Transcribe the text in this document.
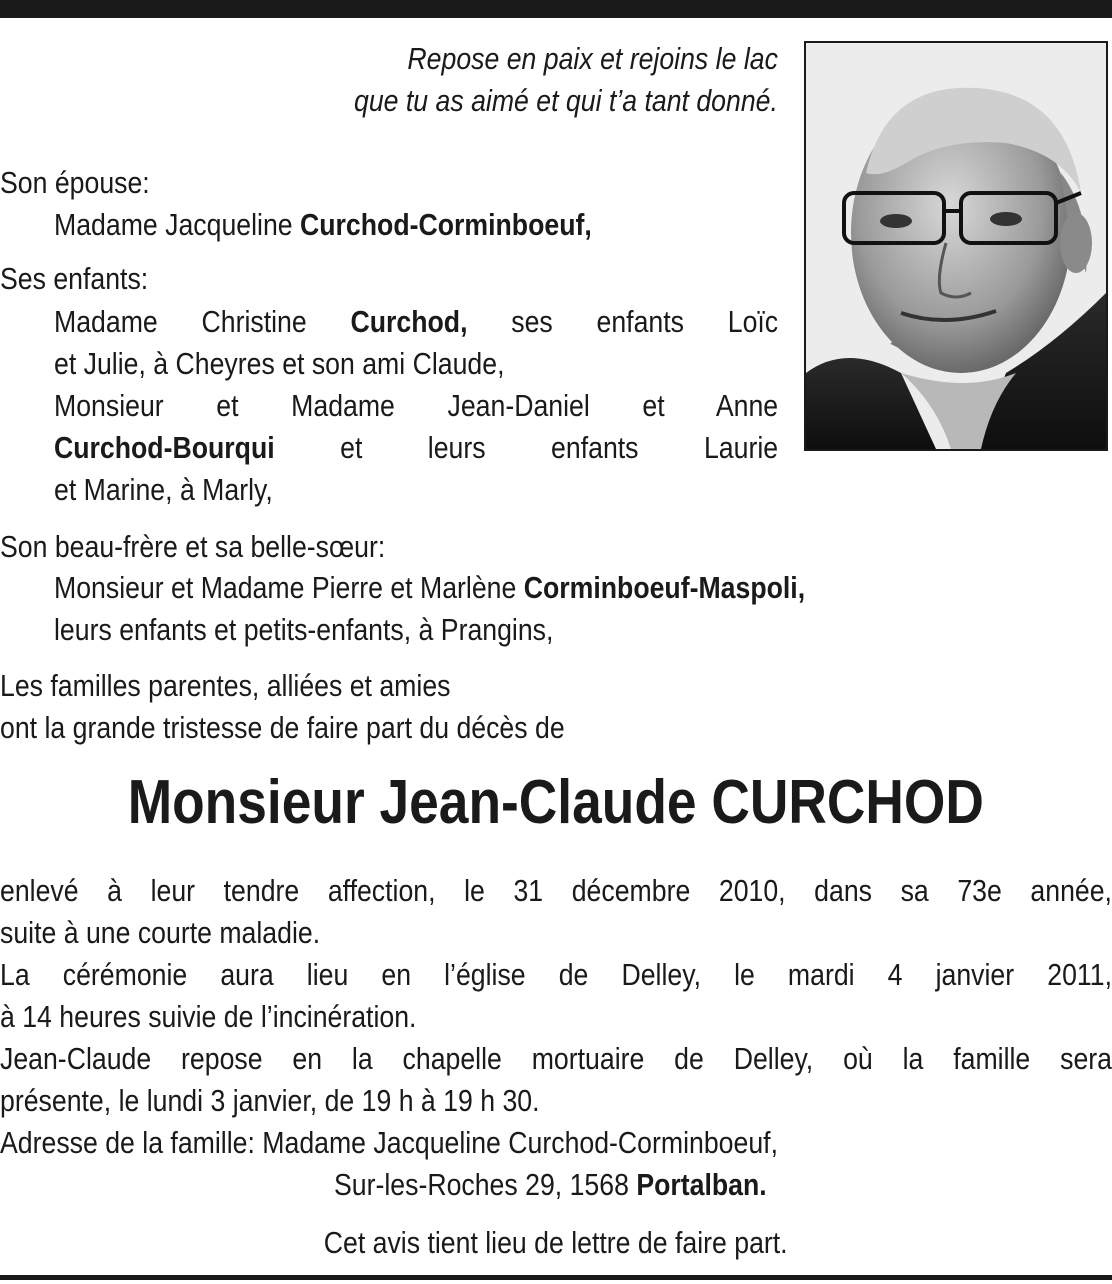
Repose en paix et rejoins le lac
que tu as aimé et qui t’a tant donné.
Son épouse:
Madame Jacqueline Curchod-Corminboeuf,
Ses enfants:
Madame Christine Curchod, ses enfants Loïc
et Julie, à Cheyres et son ami Claude,
Monsieur et Madame Jean-Daniel et Anne
Curchod-Bourqui et leurs enfants Laurie
et Marine, à Marly,
Son beau-frère et sa belle-sœur:
Monsieur et Madame Pierre et Marlène Corminboeuf-Maspoli,
leurs enfants et petits-enfants, à Prangins,
Les familles parentes, alliées et amies
ont la grande tristesse de faire part du décès de
Monsieur Jean-Claude CURCHOD
enlevé à leur tendre affection, le 31 décembre 2010, dans sa 73e année,
suite à une courte maladie.
La cérémonie aura lieu en l’église de Delley, le mardi 4 janvier 2011,
à 14 heures suivie de l’incinération.
Jean-Claude repose en la chapelle mortuaire de Delley, où la famille sera
présente, le lundi 3 janvier, de 19 h à 19 h 30.
Adresse de la famille: Madame Jacqueline Curchod-Corminboeuf,
Sur-les-Roches 29, 1568 Portalban.
Cet avis tient lieu de lettre de faire part.
